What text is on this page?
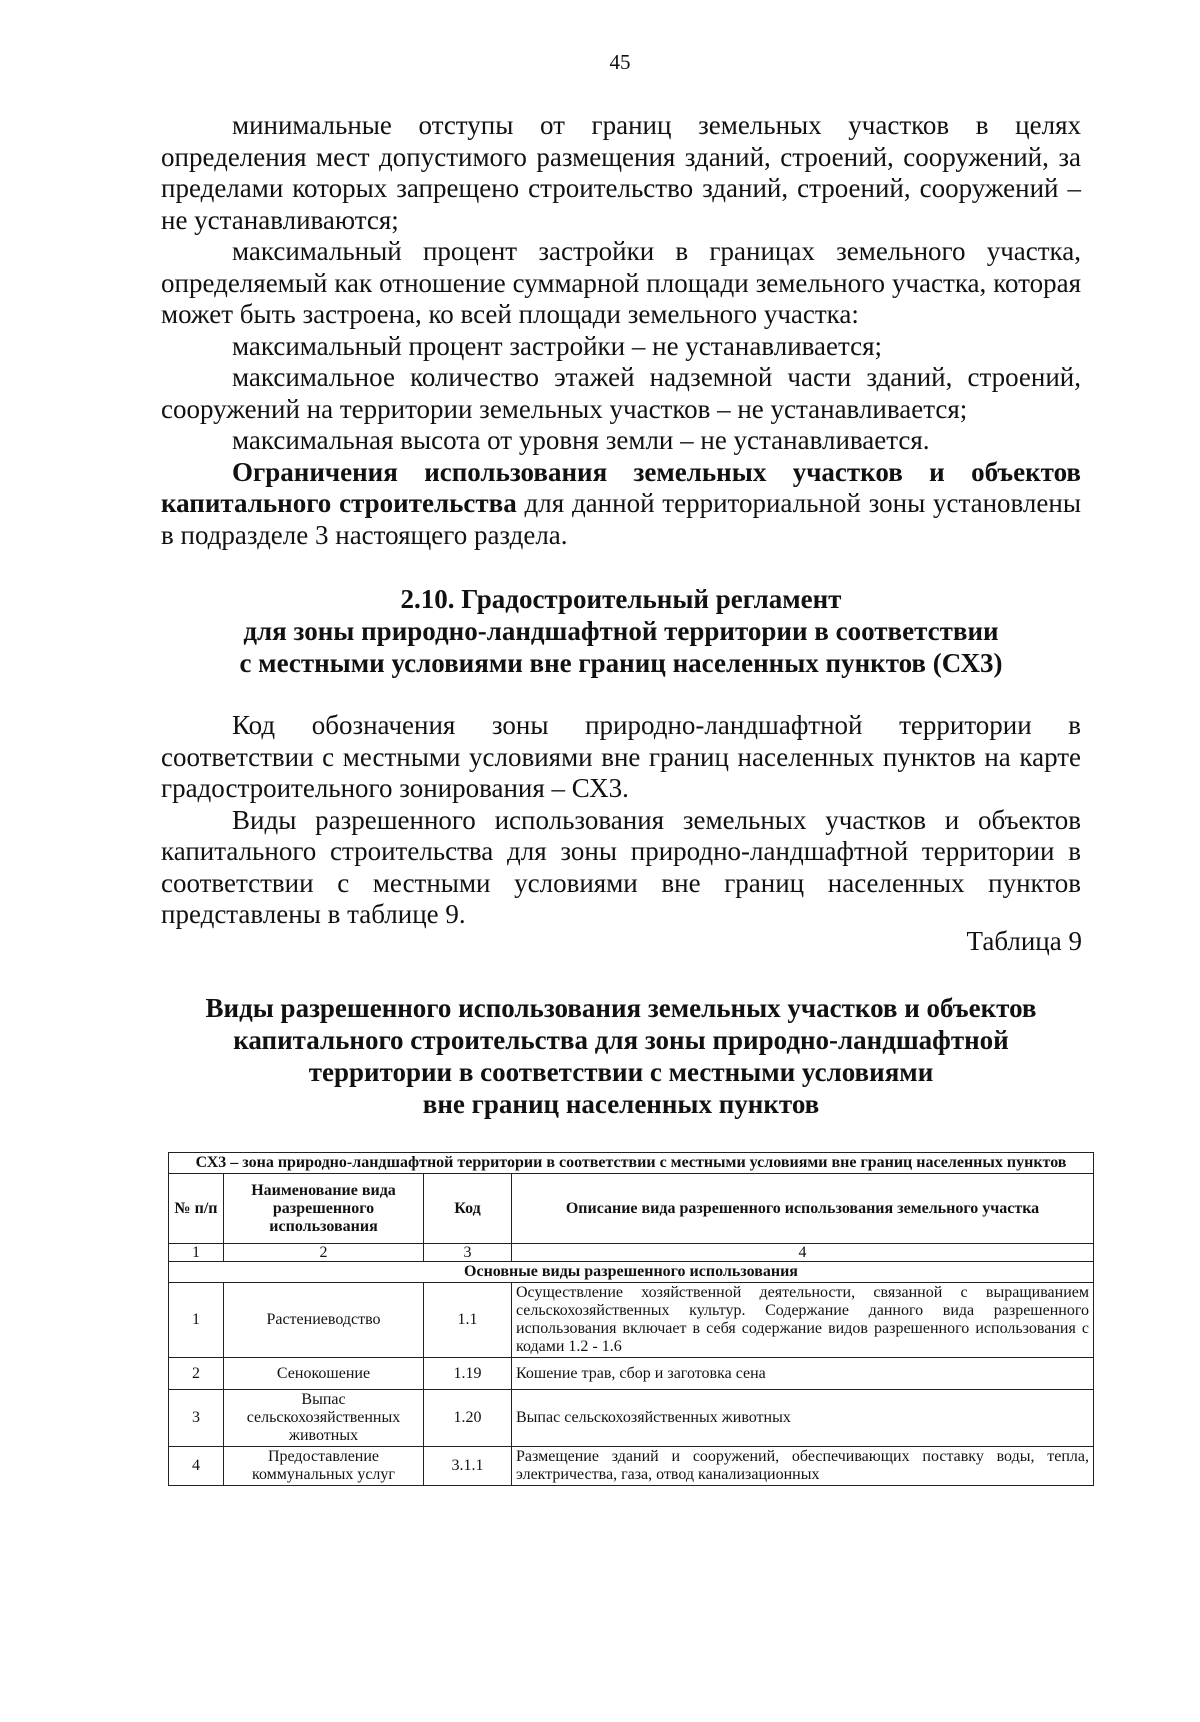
45

минимальные отступы от границ земельных участков в целях определения мест допустимого размещения зданий, строений, сооружений, за пределами которых запрещено строительство зданий, строений, сооружений – не устанавливаются;

максимальный процент застройки в границах земельного участка, определяемый как отношение суммарной площади земельного участка, которая может быть застроена, ко всей площади земельного участка:

максимальный процент застройки – не устанавливается;

максимальное количество этажей надземной части зданий, строений, сооружений на территории земельных участков – не устанавливается;

максимальная высота от уровня земли – не устанавливается.

Ограничения использования земельных участков и объектов капитального строительства для данной территориальной зоны установлены в подразделе 3 настоящего раздела.

2.10. Градостроительный регламент
для зоны природно-ландшафтной территории в соответствии
с местными условиями вне границ населенных пунктов (СХ3)

Код обозначения зоны природно-ландшафтной территории в соответствии с местными условиями вне границ населенных пунктов на карте градостроительного зонирования – СХ3.

Виды разрешенного использования земельных участков и объектов капитального строительства для зоны природно-ландшафтной территории в соответствии с местными условиями вне границ населенных пунктов представлены в таблице 9.

Таблица 9
Виды разрешенного использования земельных участков и объектов
капитального строительства для зоны природно-ландшафтной
территории в соответствии с местными условиями
вне границ населенных пунктов
СХ3 – зона природно-ландшафтной территории в соответствии с местными условиями вне границ населенных пунктов			
№ п/п	Наименование вида разрешенного использования	Код	Описание вида разрешенного использования земельного участка
1	2	3	4
Основные виды разрешенного использования			
1	Растениеводство	1.1	Осуществление хозяйственной деятельности, связанной с выращиванием сельскохозяйственных культур. Содержание данного вида разрешенного использования включает в себя содержание видов разрешенного использования с кодами 1.2 - 1.6
2	Сенокошение	1.19	Кошение трав, сбор и заготовка сена
3	Выпас сельскохозяйственных животных	1.20	Выпас сельскохозяйственных животных
4	Предоставление коммунальных услуг	3.1.1	Размещение зданий и сооружений, обеспечивающих поставку воды, тепла, электричества, газа, отвод канализационных
